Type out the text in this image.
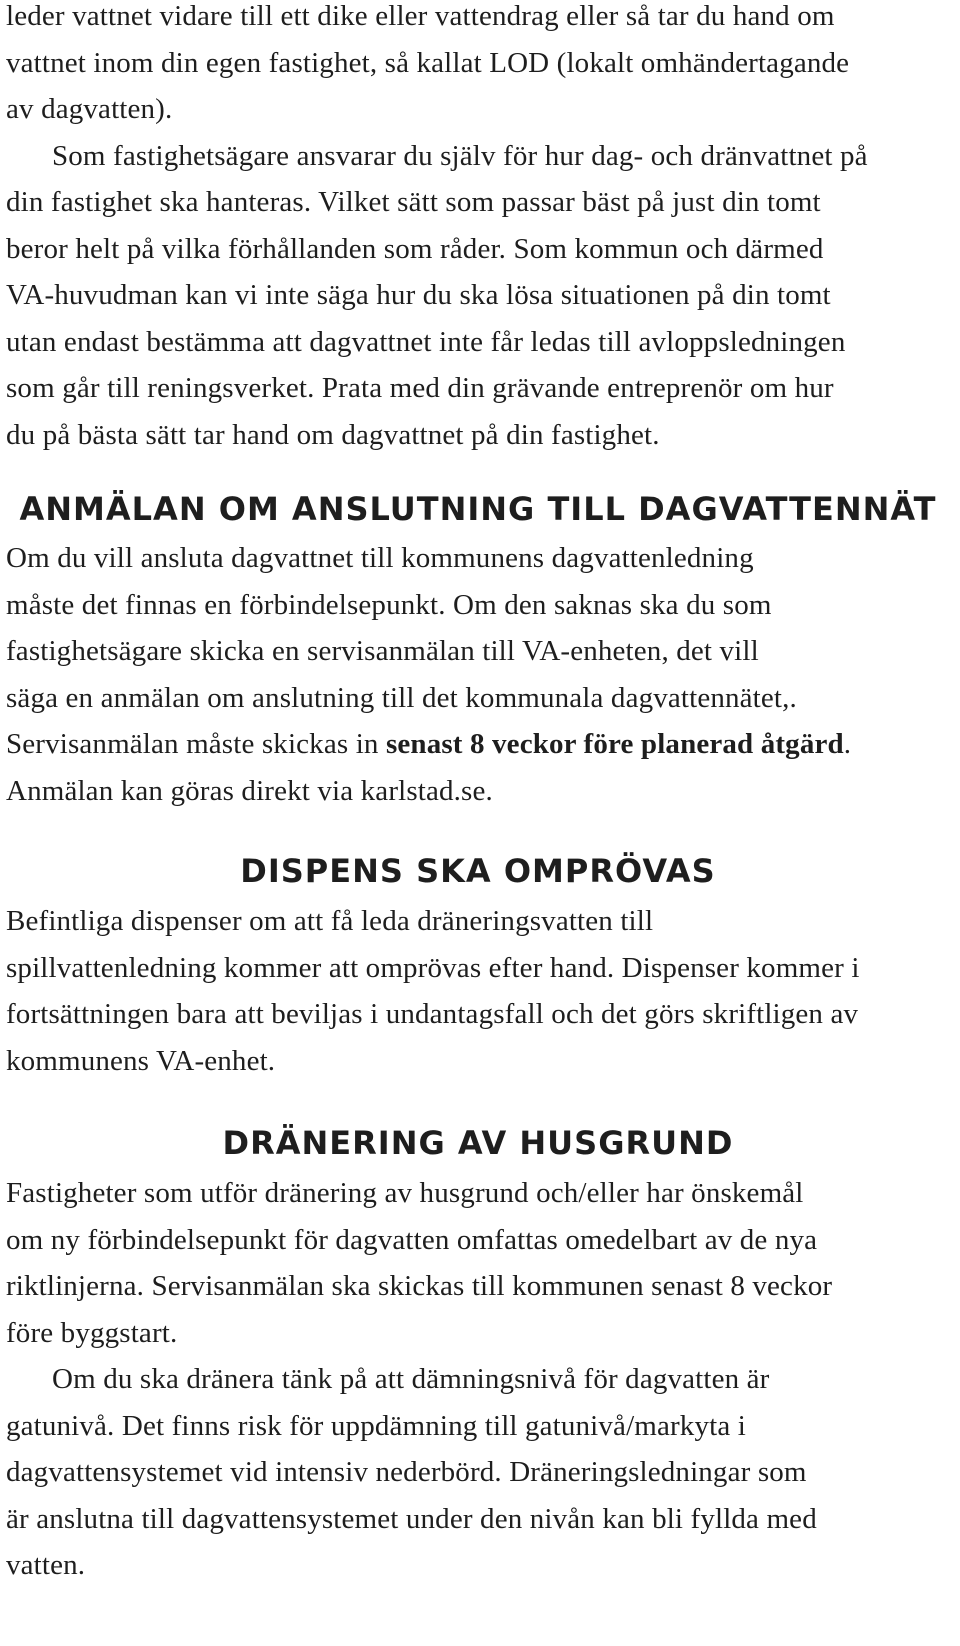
leder vattnet vidare till ett dike eller vattendrag eller så tar du hand om
vattnet inom din egen fastighet, så kallat LOD (lokalt omhändertagande
av dagvatten).
Som fastighetsägare ansvarar du själv för hur dag- och dränvattnet på
din fastighet ska hanteras. Vilket sätt som passar bäst på just din tomt
beror helt på vilka förhållanden som råder. Som kommun och därmed
VA-huvudman kan vi inte säga hur du ska lösa situationen på din tomt
utan endast bestämma att dagvattnet inte får ledas till avloppsledningen
som går till reningsverket. Prata med din grävande entreprenör om hur
du på bästa sätt tar hand om dagvattnet på din fastighet.
ANMÄLAN OM ANSLUTNING TILL DAGVATTENNÄT
Om du vill ansluta dagvattnet till kommunens dagvattenledning
måste det finnas en förbindelsepunkt. Om den saknas ska du som
fastighetsägare skicka en servisanmälan till VA-enheten, det vill
säga en anmälan om anslutning till det kommunala dagvattennätet,.
Servisanmälan måste skickas in senast 8 veckor före planerad åtgärd.
Anmälan kan göras direkt via karlstad.se.
DISPENS SKA OMPRÖVAS
Befintliga dispenser om att få leda dräneringsvatten till
spillvattenledning kommer att omprövas efter hand. Dispenser kommer i
fortsättningen bara att beviljas i undantagsfall och det görs skriftligen av
kommunens VA-enhet.
DRÄNERING AV HUSGRUND
Fastigheter som utför dränering av husgrund och/eller har önskemål
om ny förbindelsepunkt för dagvatten omfattas omedelbart av de nya
riktlinjerna. Servisanmälan ska skickas till kommunen senast 8 veckor
före byggstart.
Om du ska dränera tänk på att dämningsnivå för dagvatten är
gatunivå. Det finns risk för uppdämning till gatunivå/markyta i
dagvattensystemet vid intensiv nederbörd. Dräneringsledningar som
är anslutna till dagvattensystemet under den nivån kan bli fyllda med
vatten.
